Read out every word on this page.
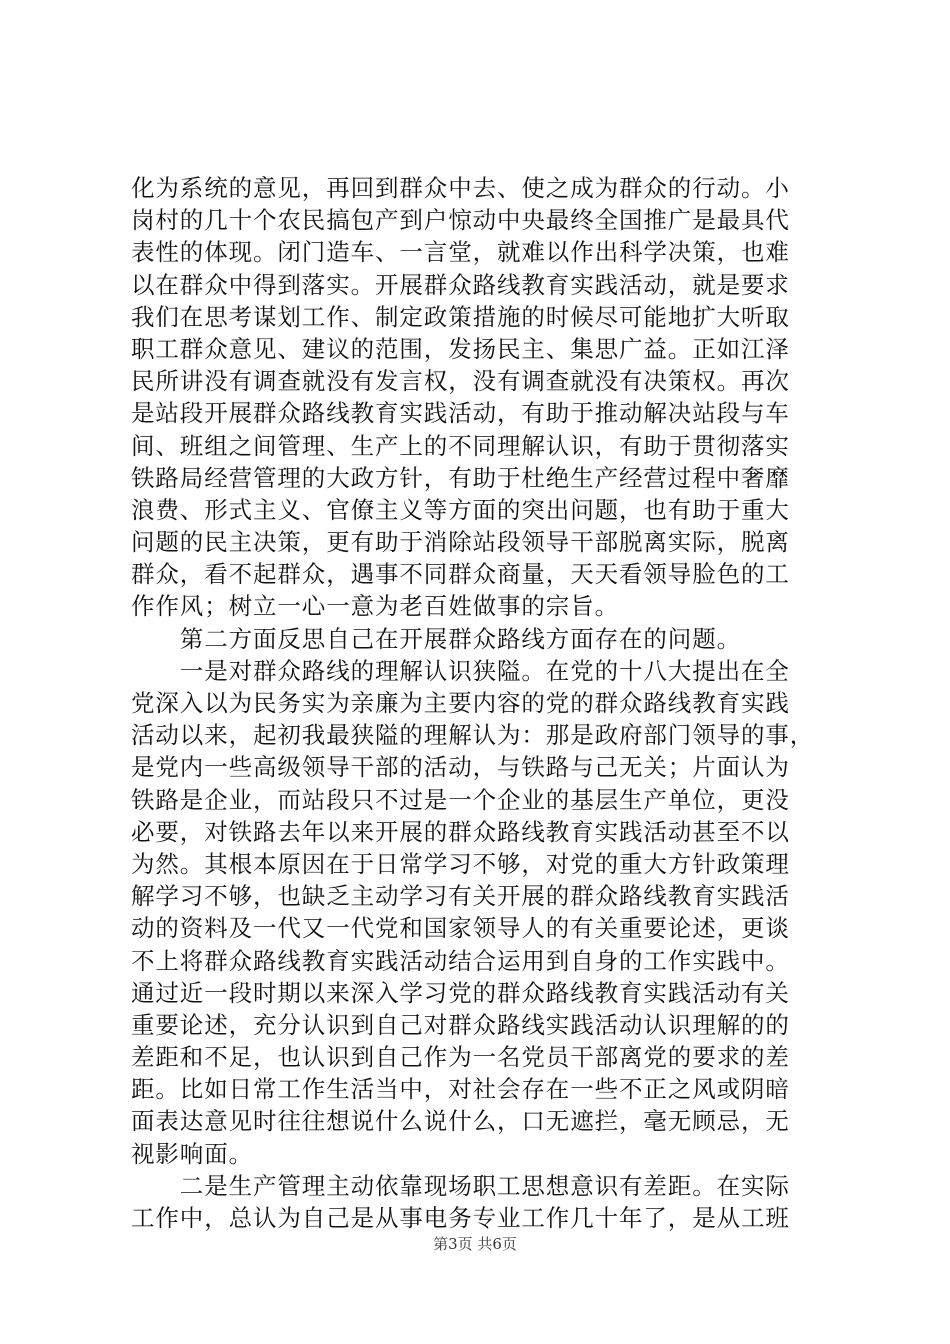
化为系统的意见，再回到群众中去、使之成为群众的行动。小
岗村的几十个农民搞包产到户惊动中央最终全国推广是最具代
表性的体现。闭门造车、一言堂，就难以作出科学决策，也难
以在群众中得到落实。开展群众路线教育实践活动，就是要求
我们在思考谋划工作、制定政策措施的时候尽可能地扩大听取
职工群众意见、建议的范围，发扬民主、集思广益。正如江泽
民所讲没有调查就没有发言权，没有调查就没有决策权。再次
是站段开展群众路线教育实践活动，有助于推动解决站段与车
间、班组之间管理、生产上的不同理解认识，有助于贯彻落实
铁路局经营管理的大政方针，有助于杜绝生产经营过程中奢靡
浪费、形式主义、官僚主义等方面的突出问题，也有助于重大
问题的民主决策，更有助于消除站段领导干部脱离实际，脱离
群众，看不起群众，遇事不同群众商量，天天看领导脸色的工
作作风；树立一心一意为老百姓做事的宗旨。
　　第二方面反思自己在开展群众路线方面存在的问题。
　　一是对群众路线的理解认识狭隘。在党的十八大提出在全
党深入以为民务实为亲廉为主要内容的党的群众路线教育实践
活动以来，起初我最狭隘的理解认为：那是政府部门领导的事，
是党内一些高级领导干部的活动，与铁路与己无关；片面认为
铁路是企业，而站段只不过是一个企业的基层生产单位，更没
必要，对铁路去年以来开展的群众路线教育实践活动甚至不以
为然。其根本原因在于日常学习不够，对党的重大方针政策理
解学习不够，也缺乏主动学习有关开展的群众路线教育实践活
动的资料及一代又一代党和国家领导人的有关重要论述，更谈
不上将群众路线教育实践活动结合运用到自身的工作实践中。
通过近一段时期以来深入学习党的群众路线教育实践活动有关
重要论述，充分认识到自己对群众路线实践活动认识理解的的
差距和不足，也认识到自己作为一名党员干部离党的要求的差
距。比如日常工作生活当中，对社会存在一些不正之风或阴暗
面表达意见时往往想说什么说什么，口无遮拦，毫无顾忌，无
视影响面。
　　二是生产管理主动依靠现场职工思想意识有差距。在实际
工作中，总认为自己是从事电务专业工作几十年了，是从工班
第3页 共6页
